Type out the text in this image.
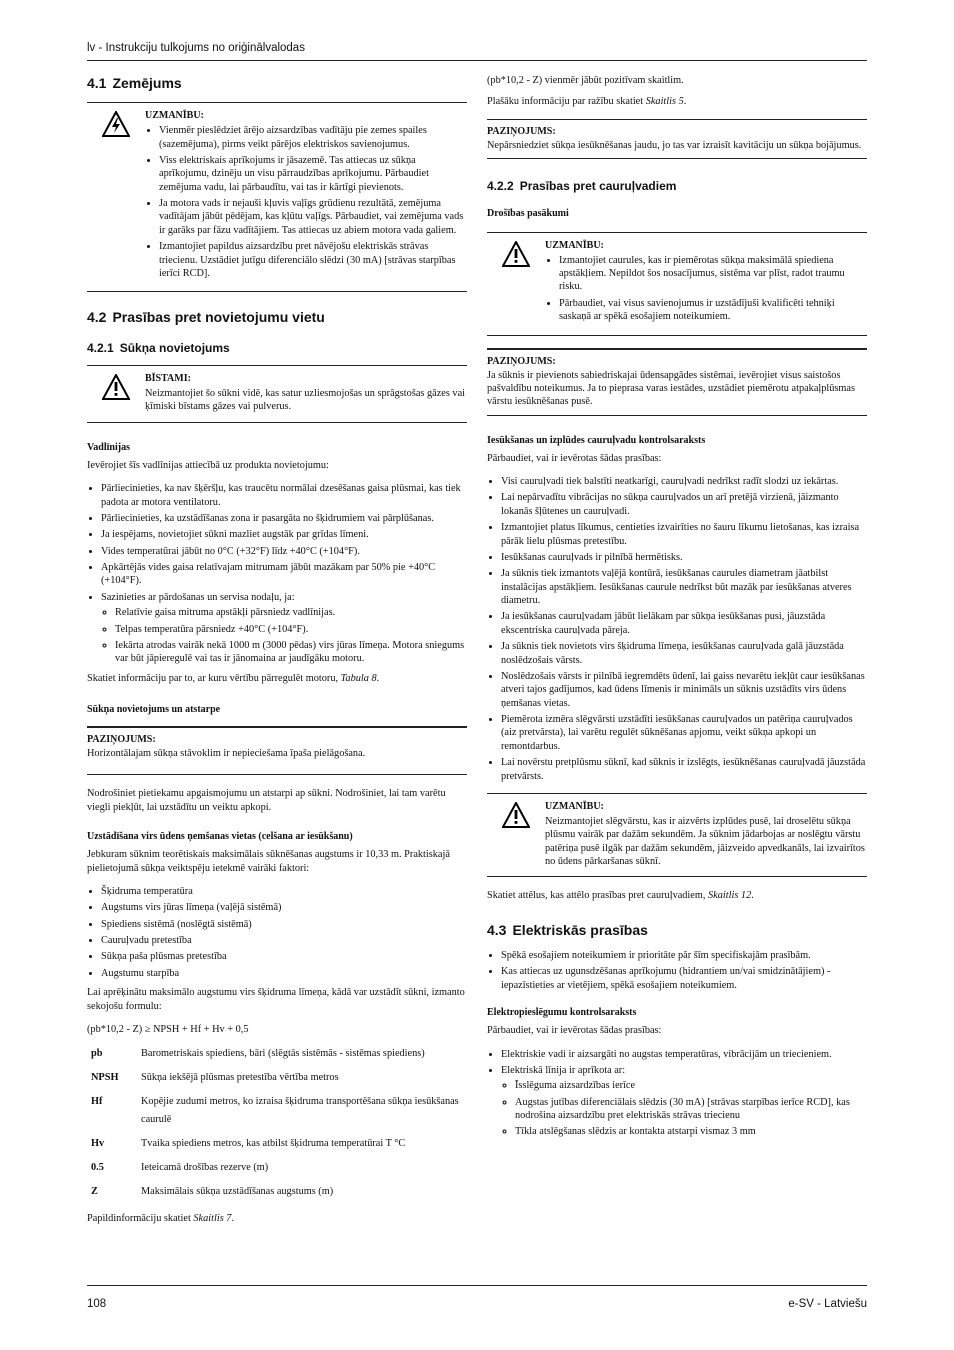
lv - Instrukciju tulkojums no oriģinālvalodas
4.1 Zemējums
UZMANĪBU:
• Vienmēr pieslēdziet ārējo aizsardzības vadītāju pie zemes spailes (sazemējuma), pirms veikt pārējos elektriskos savienojumus.
• Viss elektriskais aprīkojums ir jāsazemē. Tas attiecas uz sūkņa aprīkojumu, dzinēju un visu pārraudzības aprīkojumu. Pārbaudiet zemējuma vadu, lai pārbaudītu, vai tas ir kārtīgi pievienots.
• Ja motora vads ir nejauši kļuvis vaļīgs grūdienu rezultātā, zemējuma vadītājam jābūt pēdējam, kas kļūtu vaļīgs. Pārbaudiet, vai zemējuma vads ir garāks par fāzu vadītājiem. Tas attiecas uz abiem motora vada galiem.
• Izmantojiet papildus aizsardzību pret nāvējošu elektriskās strāvas triecienu. Uzstādiet jutīgu diferenciālo slēdzi (30 mA) [strāvas starpības ierīci RCD].
4.2 Prasības pret novietojumu vietu
4.2.1 Sūkņa novietojums
BĪSTAMI:
Neizmantojiet šo sūkni vidē, kas satur uzliesmojošas un sprāgstošas gāzes vai ķīmiski bīstams gāzes vai pulverus.
Vadlīnijas

Ievērojiet šīs vadlīnijas attiecībā uz produkta novietojumu:

• Pārliecinieties, ka nav šķēršļu, kas traucētu normālai dzesēšanas gaisa plūsmai, kas tiek padota ar motora ventilatoru.
• Pārliecinieties, ka uzstādīšanas zona ir pasargāta no šķidrumiem vai pārplūšanas.
• Ja iespējams, novietojiet sūkni mazliet augstāk par grīdas līmeni.
• Vides temperatūrai jābūt no 0°C (+32°F) līdz +40°C (+104°F).
• Apkārtējās vides gaisa relatīvajam mitrumam jābūt mazākam par 50% pie +40°C (+104°F).
• Sazinieties ar pārdošanas un servisa nodaļu, ja:
◦ Relatīvie gaisa mitruma apstākļi pārsniedz vadlīnijas.
◦ Telpas temperatūra pārsniedz +40°C (+104°F).
◦ Iekārta atrodas vairāk nekā 1000 m (3000 pēdas) virs jūras līmeņa. Motora sniegums var būt jāpieregulē vai tas ir jānomaina ar jaudīgāku motoru.

Skatiet informāciju par to, ar kuru vērtību pārregulēt motoru, Tabula 8.

Sūkņa novietojums un atstarpe
PAZIŅOJUMS:
Horizontālajam sūkņa stāvoklim ir nepieciešama īpaša pielāgošana.

Nodrošiniet pietiekamu apgaismojumu un atstarpi ap sūkni. Nodrošiniet, lai tam varētu viegli piekļūt, lai uzstādītu un veiktu apkopi.

Uzstādīšana virs ūdens ņemšanas vietas (celšana ar iesūkšanu)

Jebkuram sūknim teorētiskais maksimālais sūknēšanas augstums ir 10,33 m. Praktiskajā pielietojumā sūkņa veiktspēju ietekmē vairāki faktori:

• Šķidruma temperatūra
• Augstums virs jūras līmeņa (vaļējā sistēmā)
• Spiediens sistēmā (noslēgtā sistēmā)
• Cauruļvadu pretestība
• Sūkņa paša plūsmas pretestība
• Augstumu starpība

Lai aprēķinātu maksimālo augstumu virs šķidruma līmeņa, kādā var uzstādīt sūkni, izmanto sekojošu formulu:

(pb*10,2 - Z) ≥ NPSH + Hf + Hv + 0,5

pb	Barometriskais spiediens, bāri (slēgtās sistēmās - sistēmas spiediens)
NPSH	Sūkņa iekšējā plūsmas pretestība vērtība metros
Hf	Kopējie zudumi metros, ko izraisa šķidruma transportēšana sūkņa iesūkšanas caurulē
Hv	Tvaika spiediens metros, kas atbilst šķidruma temperatūrai T °C
0.5	Ieteicamā drošības rezerve (m)
Z	Maksimālais sūkņa uzstādīšanas augstums (m)

Papildinformāciju skatiet Skaitlis 7.

(pb*10,2 - Z) vienmēr jābūt pozitīvam skaitlim.

Plašāku informāciju par ražību skatiet Skaitlis 5.

PAZIŅOJUMS:
Nepārsniedziet sūkņa iesūknēšanas jaudu, jo tas var izraisīt kavitāciju un sūkņa bojājumus.
4.2.2 Prasības pret cauruļvadiem
Drošības pasākumi
UZMANĪBU:
• Izmantojiet caurules, kas ir piemērotas sūkņa maksimālā spiediena apstākļiem. Nepildot šos nosacījumus, sistēma var plīst, radot traumu risku.
• Pārbaudiet, vai visus savienojumus ir uzstādījuši kvalificēti tehniķi saskaņā ar spēkā esošajiem noteikumiem.
PAZIŅOJUMS:
Ja sūknis ir pievienots sabiedriskajai ūdensapgādes sistēmai, ievērojiet visus saistošos pašvaldību noteikumus. Ja to pieprasa varas iestādes, uzstādiet piemērotu atpakaļplūsmas vārstu iesūknēšanas pusē.
Iesūkšanas un izplūdes cauruļvadu kontrolsaraksts

Pārbaudiet, vai ir ievērotas šādas prasības:

• Visi cauruļvadi tiek balstīti neatkarīgi, cauruļvadi nedrīkst radīt slodzi uz iekārtas.
• Lai nepārvadītu vibrācijas no sūkņa cauruļvados un arī pretējā virzienā, jāizmanto lokanās šļūtenes un cauruļvadi.
• Izmantojiet platus līkumus, centieties izvairīties no šauru līkumu lietošanas, kas izraisa pārāk lielu plūsmas pretestību.
• Iesūkšanas cauruļvads ir pilnībā hermētisks.
• Ja sūknis tiek izmantots vaļējā kontūrā, iesūkšanas caurules diametram jāatbilst instalācijas apstākļiem. Iesūkšanas caurule nedrīkst būt mazāk par iesūkšanas atveres diametru.
• Ja iesūkšanas cauruļvadam jābūt lielākam par sūkņa iesūkšanas pusi, jāuzstāda ekscentriska cauruļvada pāreja.
• Ja sūknis tiek novietots virs šķidruma līmeņa, iesūkšanas cauruļvada galā jāuzstāda noslēdzošais vārsts.
• Noslēdzošais vārsts ir pilnībā iegremdēts ūdenī, lai gaiss nevarētu iekļūt caur iesūkšanas atveri tajos gadījumos, kad ūdens līmenis ir minimāls un sūknis uzstādīts virs ūdens ņemšanas vietas.
• Piemērota izmēra slēgvārsti uzstādīti iesūkšanas cauruļvados un patēriņa cauruļvados (aiz pretvārsta), lai varētu regulēt sūknēšanas apjomu, veikt sūkņa apkopi un remontdarbus.
• Lai novērstu pretplūsmu sūknī, kad sūknis ir izslēgts, iesūknēšanas cauruļvadā jāuzstāda pretvārsts.
UZMANĪBU:
Neizmantojiet slēgvārstu, kas ir aizvērts izplūdes pusē, lai droselētu sūkņa plūsmu vairāk par dažām sekundēm. Ja sūknim jādarbojas ar noslēgtu vārstu patēriņa pusē ilgāk par dažām sekundēm, jāizveido apvedkanāls, lai izvairītos no ūdens pārkaršanas sūknī.

Skatiet attēlus, kas attēlo prasības pret cauruļvadiem, Skaitlis 12.

4.3 Elektriskās prasības
• Spēkā esošajiem noteikumiem ir prioritāte pār šīm specifiskajām prasībām.
• Kas attiecas uz ugunsdzēšanas aprīkojumu (hidrantiem un/vai smidzinātājiem) - iepazīstieties ar vietējiem, spēkā esošajiem noteikumiem.
Elektropieslēgumu kontrolsaraksts

Pārbaudiet, vai ir ievērotas šādas prasības:

• Elektriskie vadi ir aizsargāti no augstas temperatūras, vibrācijām un triecieniem.
• Elektriskā līnija ir aprīkota ar:
◦ Īsslēguma aizsardzības ierīce
◦ Augstas jutības diferenciālais slēdzis (30 mA) [strāvas starpības ierīce RCD], kas nodrošina aizsardzību pret elektriskās strāvas triecienu
◦ Tīkla atslēgšanas slēdzis ar kontakta atstarpi vismaz 3 mm
108	e-SV - Latviešu
